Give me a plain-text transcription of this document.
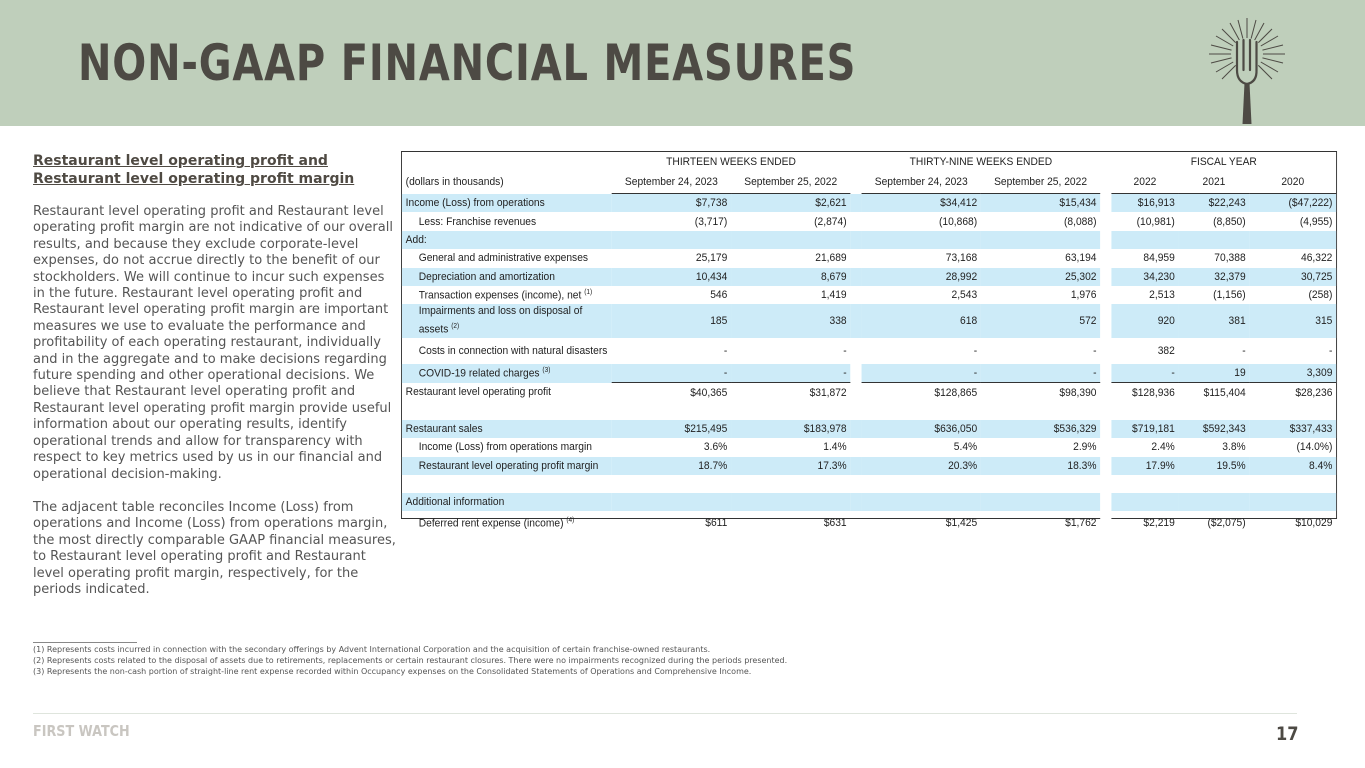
NON-GAAP FINANCIAL MEASURES
Restaurant level operating profit and
Restaurant level operating profit margin

Restaurant level operating profit and Restaurant level operating profit margin are not indicative of our overall results, and because they exclude corporate-level expenses, do not accrue directly to the benefit of our stockholders. We will continue to incur such expenses in the future. Restaurant level operating profit and Restaurant level operating profit margin are important measures we use to evaluate the performance and profitability of each operating restaurant, individually and in the aggregate and to make decisions regarding future spending and other operational decisions. We believe that Restaurant level operating profit and Restaurant level operating profit margin provide useful information about our operating results, identify operational trends and allow for transparency with respect to key metrics used by us in our financial and operational decision-making.

The adjacent table reconciles Income (Loss) from operations and Income (Loss) from operations margin, the most directly comparable GAAP financial measures, to Restaurant level operating profit and Restaurant level operating profit margin, respectively, for the periods indicated.

	THIRTEEN WEEKS ENDED			THIRTY-NINE WEEKS ENDED			FISCAL YEAR		
(dollars in thousands)	September 24, 2023	September 25, 2022		September 24, 2023	September 25, 2022		2022	2021	2020
Income (Loss) from operations	$7,738	$2,621		$34,412	$15,434		$16,913	$22,243	($47,222)
Less: Franchise revenues	(3,717)	(2,874)		(10,868)	(8,088)		(10,981)	(8,850)	(4,955)
Add:									
General and administrative expenses	25,179	21,689		73,168	63,194		84,959	70,388	46,322
Depreciation and amortization	10,434	8,679		28,992	25,302		34,230	32,379	30,725
Transaction expenses (income), net $^{(1)}$	546	1,419		2,543	1,976		2,513	(1,156)	(258)
Impairments and loss on disposal of assets $^{(2)}$	185	338		618	572		920	381	315
Costs in connection with natural disasters	-	-		-	-		382	-	-
COVID-19 related charges $^{(3)}$	-	-		-	-		-	19	3,309
Restaurant level operating profit	$40,365	$31,872		$128,865	$98,390		$128,936	$115,404	$28,236

Restaurant sales	$215,495	$183,978		$636,050	$536,329		$719,181	$592,343	$337,433
Income (Loss) from operations margin	3.6%	1.4%		5.4%	2.9%		2.4%	3.8%	(14.0%)
Restaurant level operating profit margin	18.7%	17.3%		20.3%	18.3%		17.9%	19.5%	8.4%

Additional information									
Deferred rent expense (income) $^{(4)}$	$611	$631		$1,425	$1,762		$2,219	($2,075)	$10,029
(1) Represents costs incurred in connection with the secondary offerings by Advent International Corporation and the acquisition of certain franchise-owned restaurants.
(2) Represents costs related to the disposal of assets due to retirements, replacements or certain restaurant closures. There were no impairments recognized during the periods presented.
(3) Represents the non-cash portion of straight-line rent expense recorded within Occupancy expenses on the Consolidated Statements of Operations and Comprehensive Income.
FIRST WATCH	17
